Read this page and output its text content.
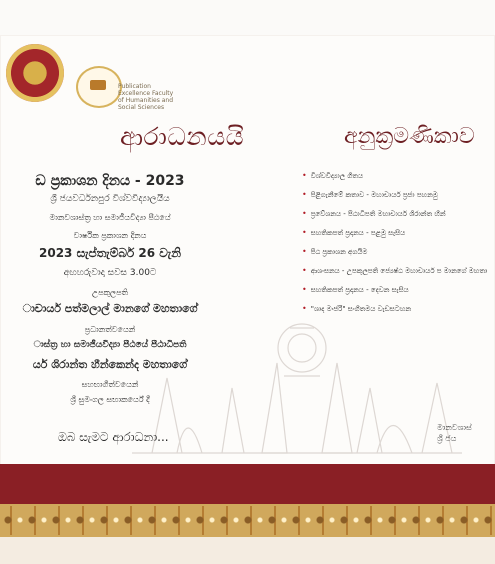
Publication Excellence Faculty of Humanities and Social Sciences
ආරාධනයයි	අනුක්‍රමණිකාව
ඩ ප්‍රකාශන දිනය - 2023
ශ්‍රී ජයවර්ධනපුර විශ්වවිද්‍යාලයීය
මානවශාස්ත්‍ර හා සමාජීයවිද්‍යා පීඨයේ
වාර්ෂික ප්‍රකාශන දිනය
2023 සැප්තැම්බර් 26 වැනි
අඟහරුවාදා සවස 3.00ට
උපකුලපති
ාචාර්ය පත්මලාල් මානගේ මහතාගේ
ප්‍රධානත්වයෙන්
ාස්ත්‍ර හා සමාජීයවිද්‍යා පීඨයේ පීඨාධිපති
ර්ය ශිරාන්ත හීන්කෙන්ද මහතාගේ
සහභාගීත්වයෙන්
ශ්‍රී සුමංගල සභාකර්යේ දී
• විශ්වවිද්‍යාල ගීතය
• පිළිගැනීමේ කතාව - මහාචාර්ය ප්‍රජා පහනමු
• ප්‍රවේශනය - පීඨාධිපති මහාචාර්ය ශිරාන්ත හීන්
• සහතිකපත් ප්‍රදානය - පළමු සැසිය
• පීඨ ප්‍රකාශන අගයීම
• ආශංසනය - උපකුලපති ජ්‍යෙෂ්ඨ මහාචාර්ය ප මානගේ මහතා
• සහතිකපත් ප්‍රදානය - දෙවන සැසිය
• "ශාද මංජරි" සංගීතමය වැඩසටහන
ඔබ සැමට ආරාධනා...
මානවශාස්
ශ්‍රී ජය
